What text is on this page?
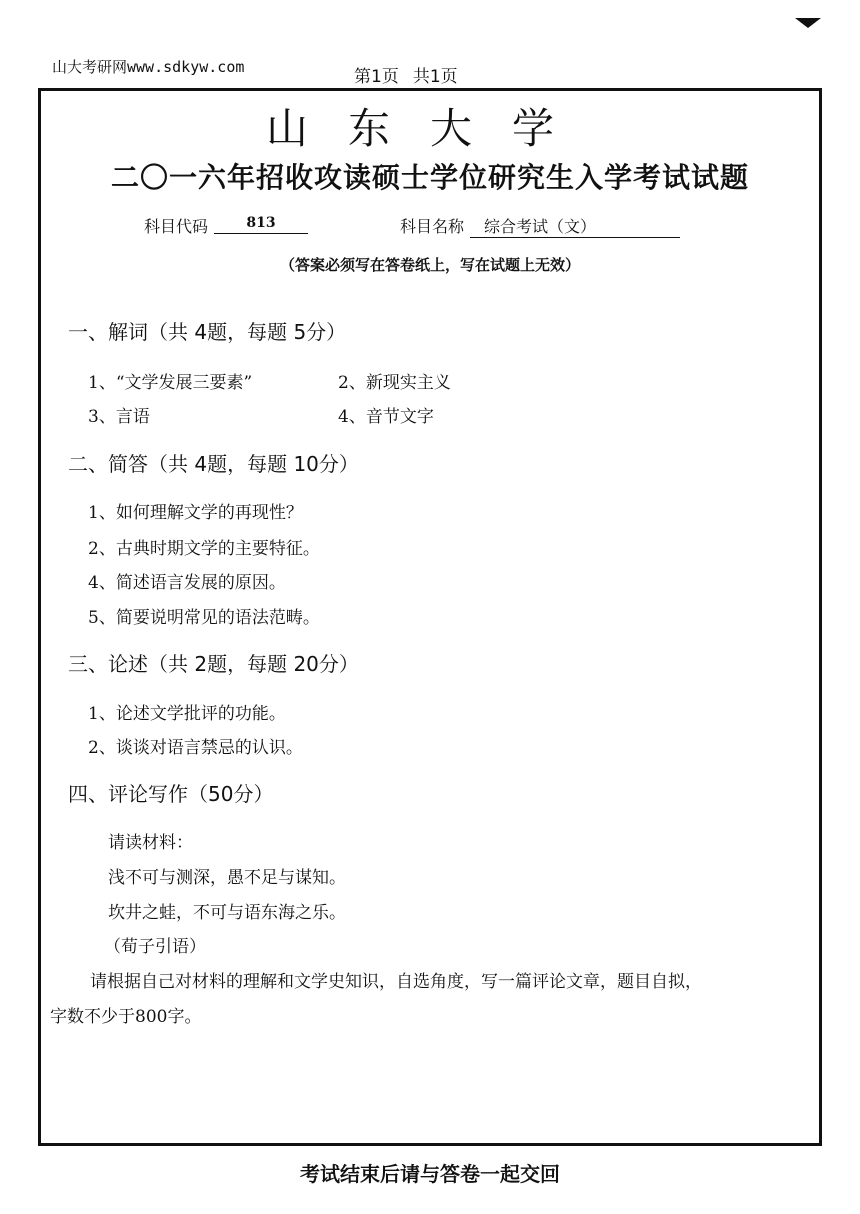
山大考研网www.sdkyw.com	第1页 共1页
山东大学
二〇一六年招收攻读硕士学位研究生入学考试试题
科目代码	813	科目名称	综合考试（文）
（答案必须写在答卷纸上，写在试题上无效）
一、解词（共 4题，每题 5分）
1、“文学发展三要素”	2、新现实主义
3、言语	4、音节文字
二、简答（共 4题，每题 10分）
1、如何理解文学的再现性？
2、古典时期文学的主要特征。
4、简述语言发展的原因。
5、简要说明常见的语法范畴。
三、论述（共 2题，每题 20分）
1、论述文学批评的功能。
2、谈谈对语言禁忌的认识。
四、评论写作（50分）
请读材料：
浅不可与测深，愚不足与谋知。
坎井之蛙，不可与语东海之乐。
（荀子引语）
请根据自己对材料的理解和文学史知识，自选角度，写一篇评论文章，题目自拟，
字数不少于800字。
考试结束后请与答卷一起交回
